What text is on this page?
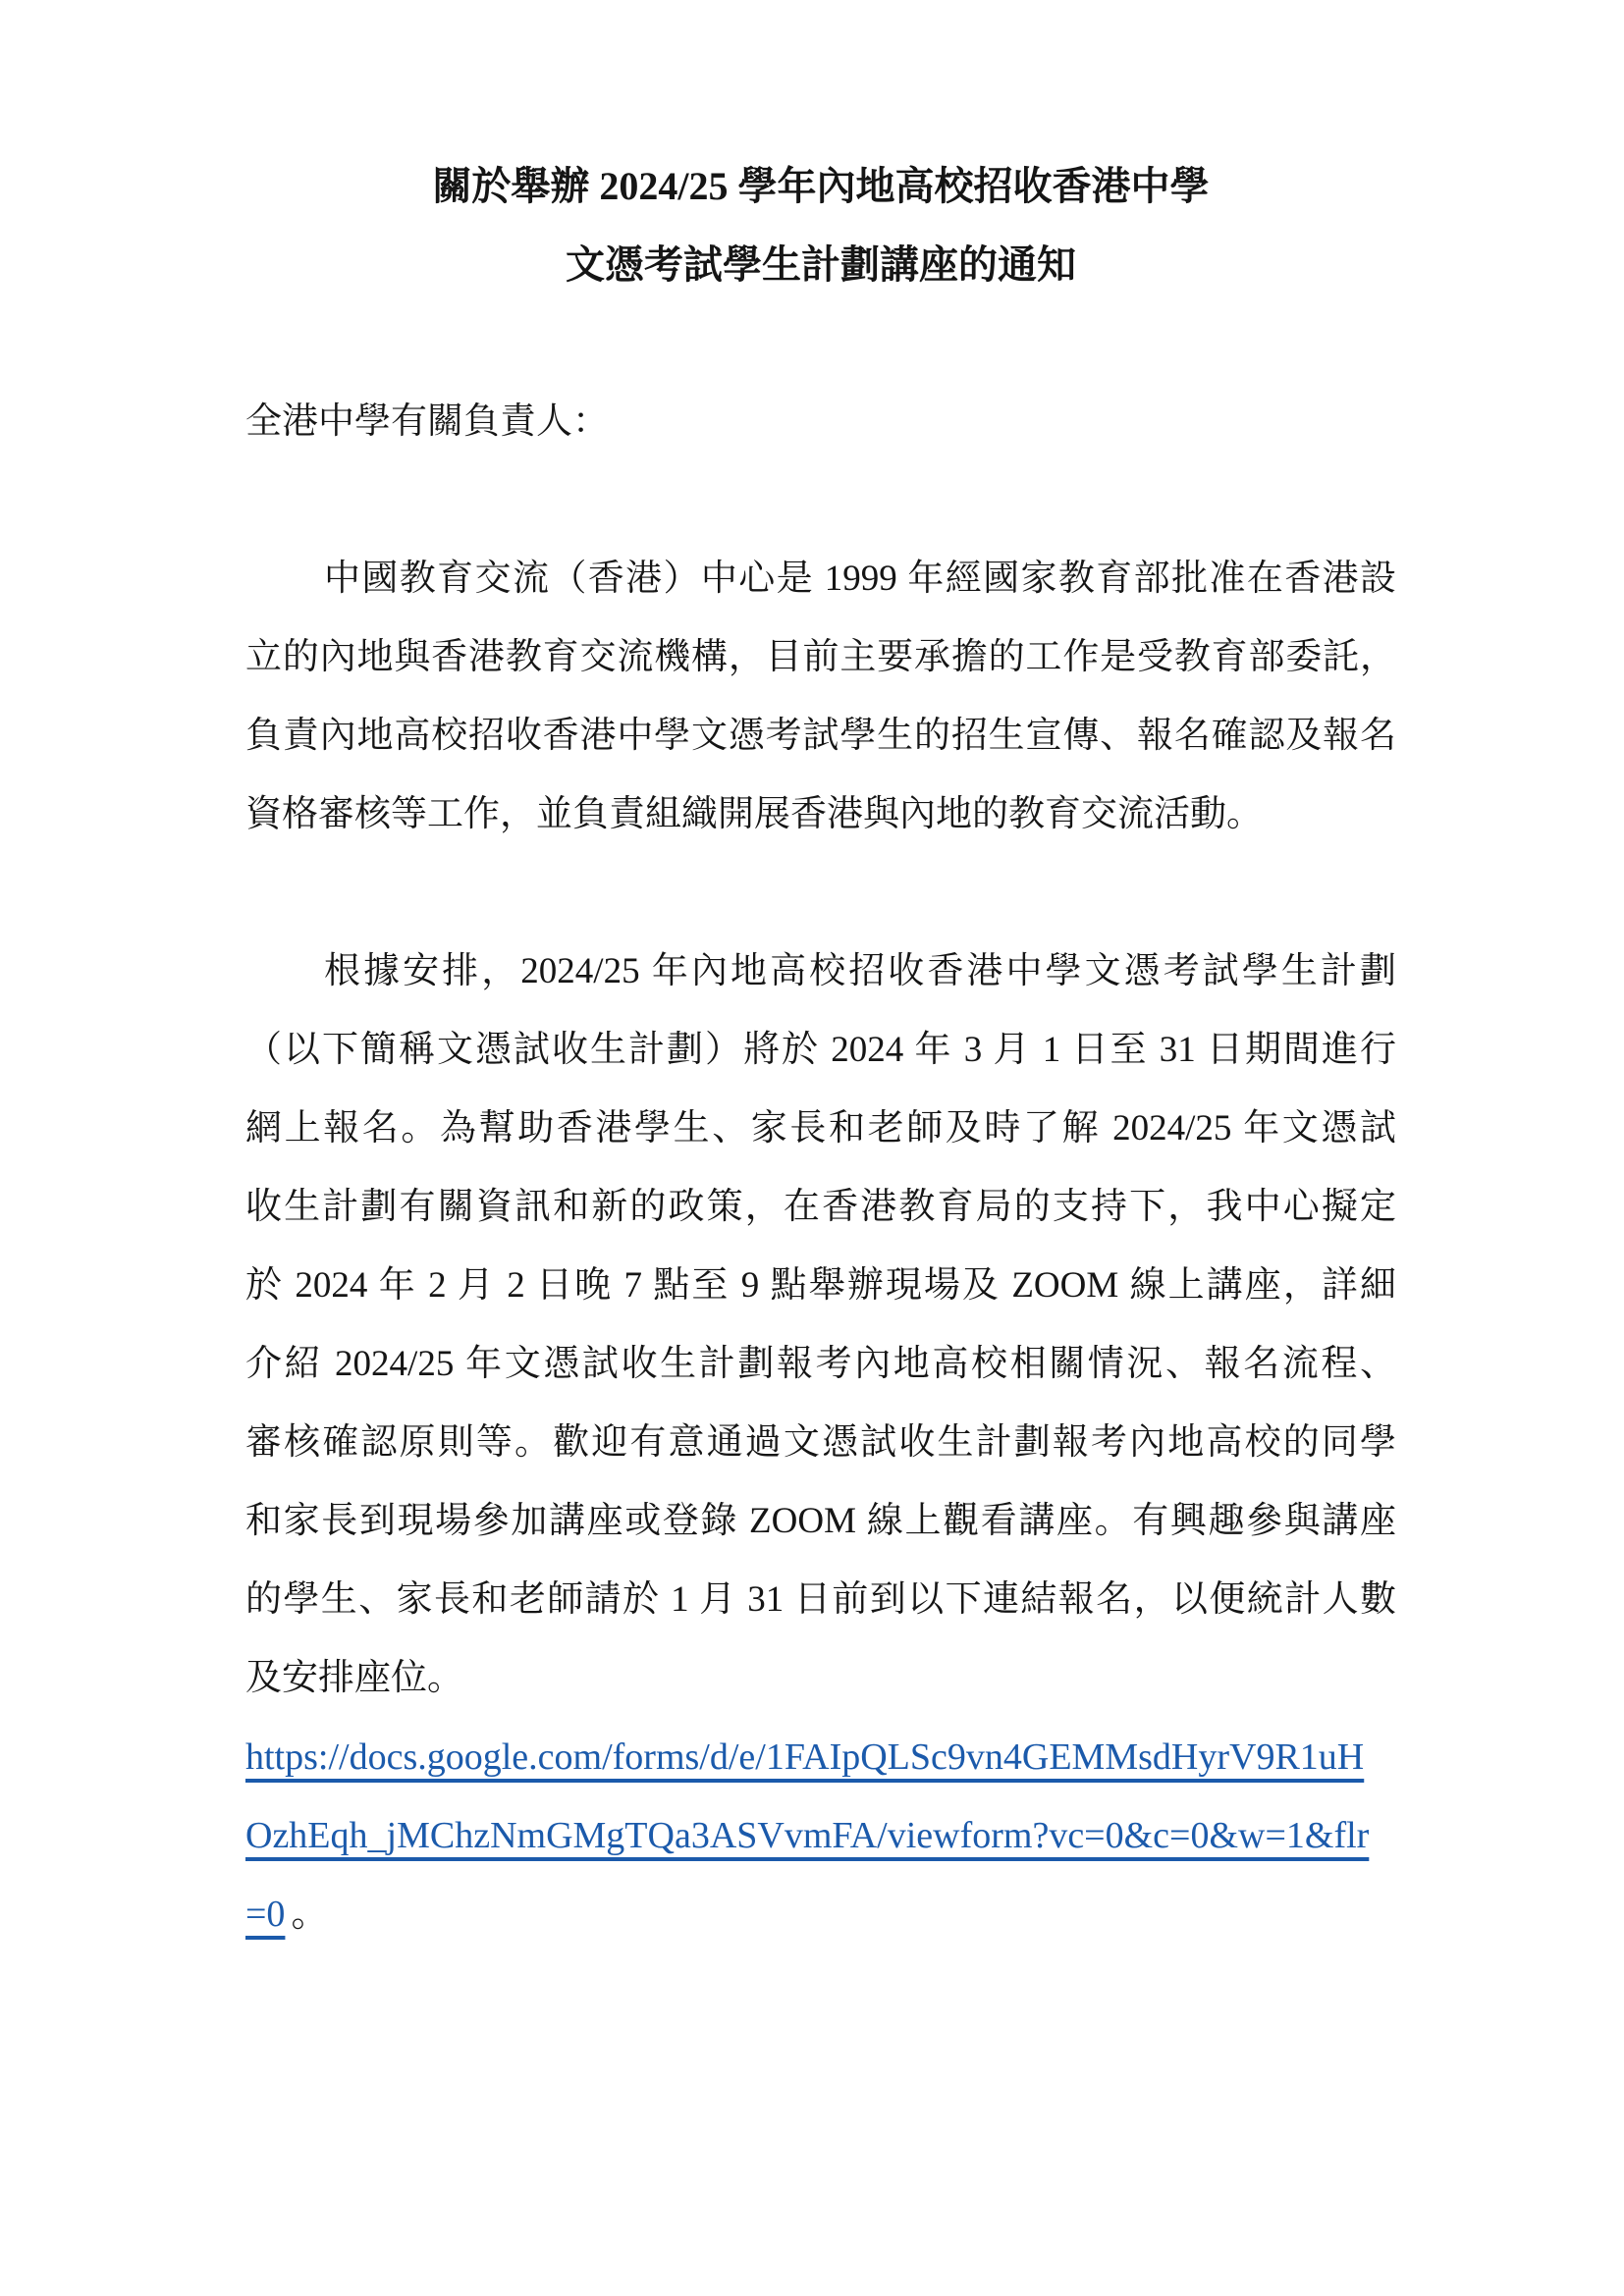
關於舉辦 2024/25 學年內地高校招收香港中學
文憑考試學生計劃講座的通知
全港中學有關負責人：
中國教育交流（香港）中心是 1999 年經國家教育部批准在香港設
立的內地與香港教育交流機構，目前主要承擔的工作是受教育部委託，
負責內地高校招收香港中學文憑考試學生的招生宣傳、報名確認及報名
資格審核等工作，並負責組織開展香港與內地的教育交流活動。
根據安排，2024/25 年內地高校招收香港中學文憑考試學生計劃
（以下簡稱文憑試收生計劃）將於 2024 年 3 月 1 日至 31 日期間進行
網上報名。為幫助香港學生、家長和老師及時了解 2024/25 年文憑試
收生計劃有關資訊和新的政策，在香港教育局的支持下，我中心擬定
於 2024 年 2 月 2 日晚 7 點至 9 點舉辦現場及 ZOOM 線上講座，詳細
介紹 2024/25 年文憑試收生計劃報考內地高校相關情況、報名流程、
審核確認原則等。歡迎有意通過文憑試收生計劃報考內地高校的同學
和家長到現場參加講座或登錄 ZOOM 線上觀看講座。有興趣參與講座
的學生、家長和老師請於 1 月 31 日前到以下連結報名，以便統計人數
及安排座位。
https://docs.google.com/forms/d/e/1FAIpQLSc9vn4GEMMsdHyrV9R1uH
OzhEqh_jMChzNmGMgTQa3ASVvmFA/viewform?vc=0&c=0&w=1&flr
=0 。
